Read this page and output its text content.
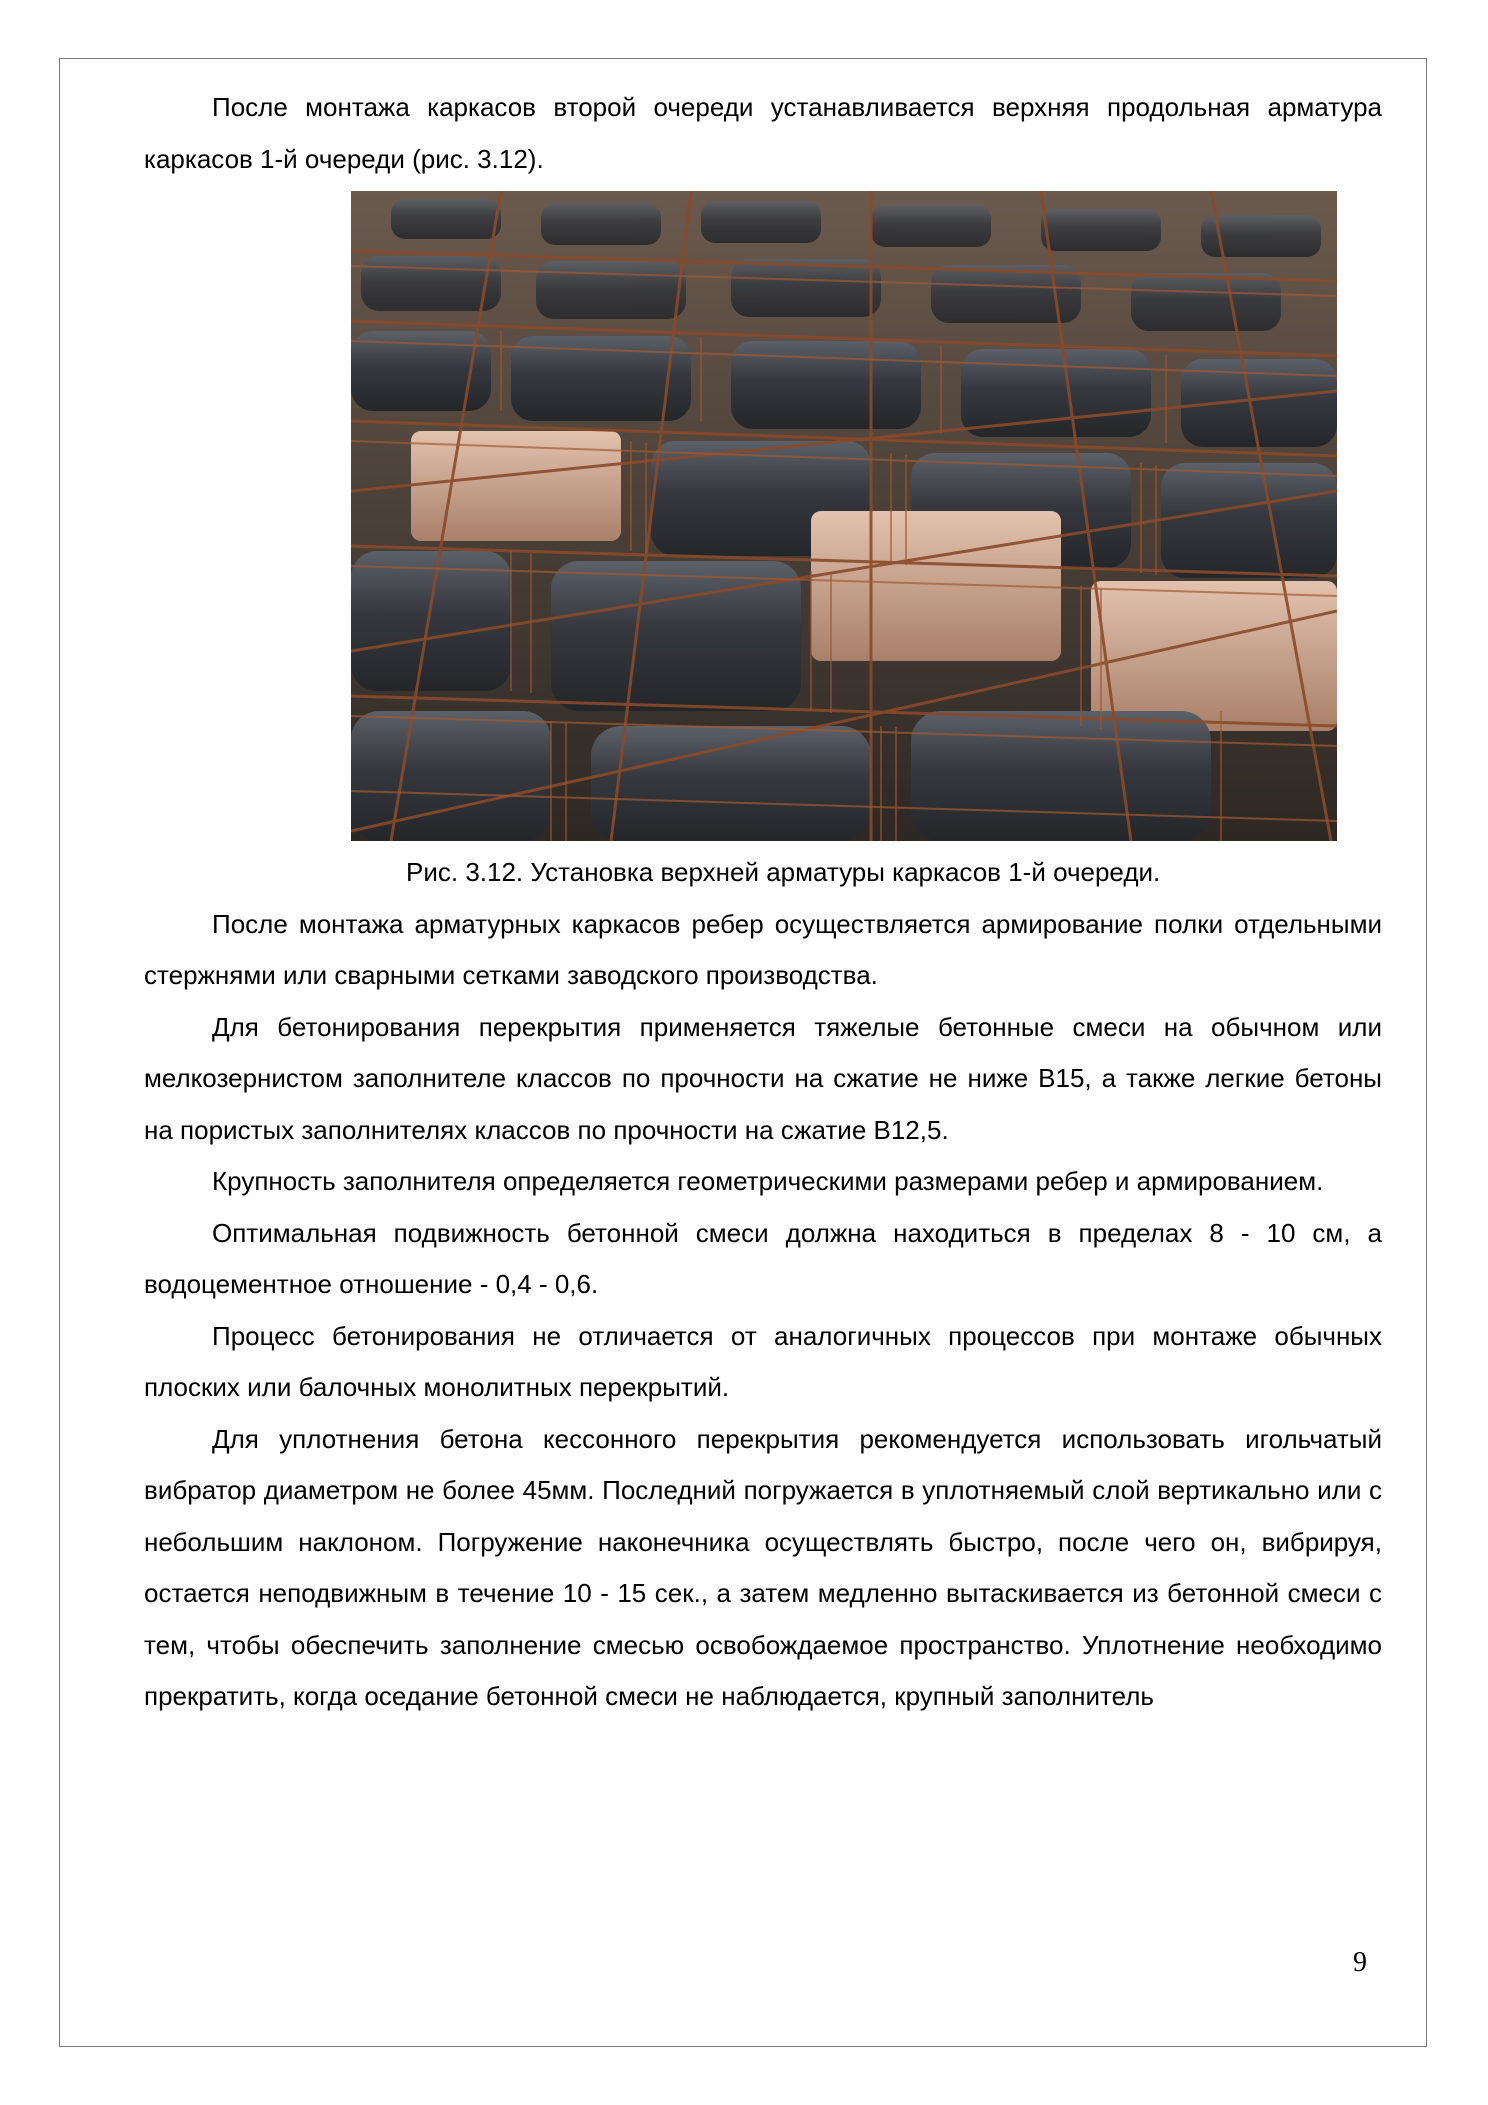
После монтажа каркасов второй очереди устанавливается верхняя продольная арматура каркасов 1-й очереди (рис. 3.12).

Рис. 3.12. Установка верхней арматуры каркасов 1-й очереди.

После монтажа арматурных каркасов ребер осуществляется армирование полки отдельными стержнями или сварными сетками заводского производства.

Для бетонирования перекрытия применяется тяжелые бетонные смеси на обычном или мелкозернистом заполнителе классов по прочности на сжатие не ниже В15, а также легкие бетоны на пористых заполнителях классов по прочности на сжатие В12,5.

Крупность заполнителя определяется геометрическими размерами ребер и армированием.

Оптимальная подвижность бетонной смеси должна находиться в пределах 8 - 10 см, а водоцементное отношение - 0,4 - 0,6.

Процесс бетонирования не отличается от аналогичных процессов при монтаже обычных плоских или балочных монолитных перекрытий.

Для уплотнения бетона кессонного перекрытия рекомендуется использовать игольчатый вибратор диаметром не более 45мм. Последний погружается в уплотняемый слой вертикально или с небольшим наклоном. Погружение наконечника осуществлять быстро, после чего он, вибрируя, остается неподвижным в течение 10 - 15 сек., а затем медленно вытаскивается из бетонной смеси с тем, чтобы обеспечить заполнение смесью освобождаемое пространство. Уплотнение необходимо прекратить, когда оседание бетонной смеси не наблюдается, крупный заполнитель

9
